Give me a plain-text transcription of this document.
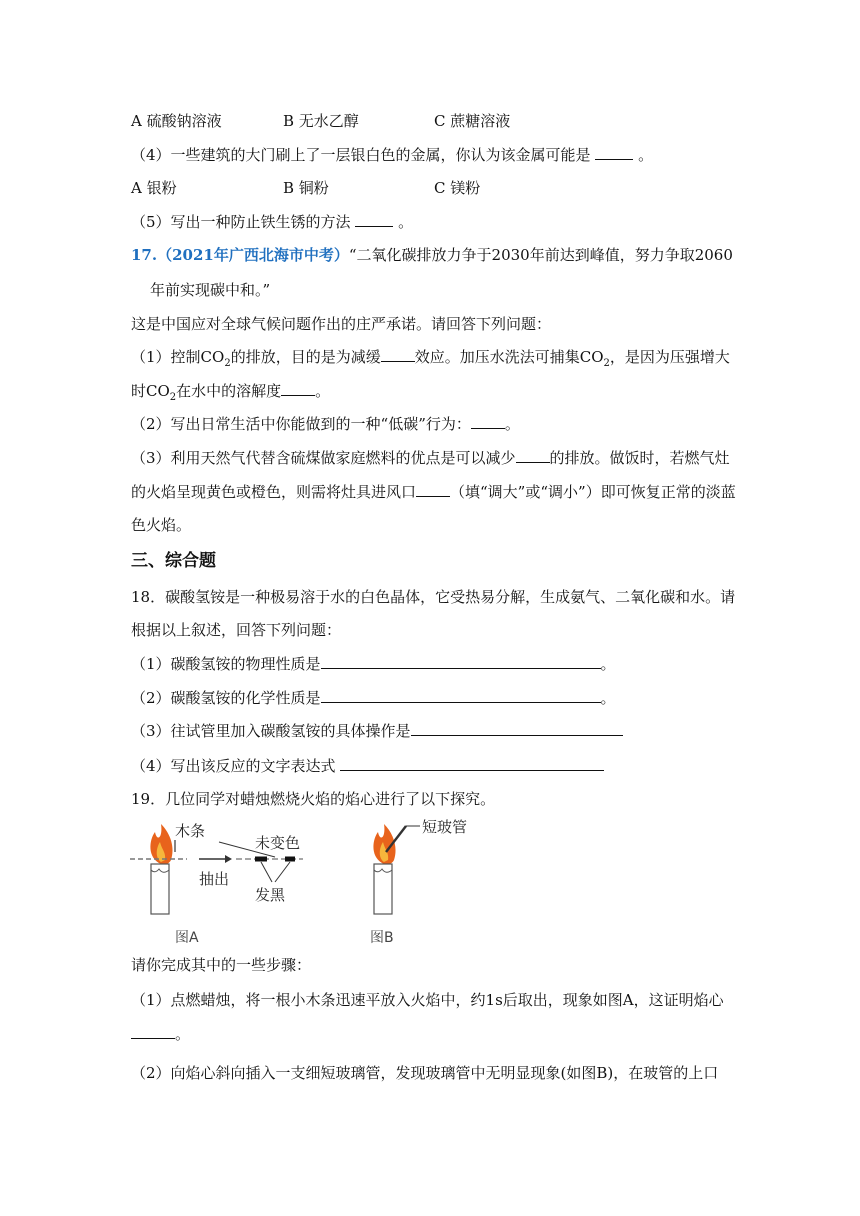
A 硫酸钠溶液	B 无水乙醇	C 蔗糖溶液
（4）一些建筑的大门刷上了一层银白色的金属，你认为该金属可能是	。
A 银粉	B 铜粉	C 镁粉
（5）写出一种防止铁生锈的方法	。
17.（2021年广西北海市中考）“二氧化碳排放力争于2030年前达到峰值，努力争取2060
年前实现碳中和。”
这是中国应对全球气候问题作出的庄严承诺。请回答下列问题：
（1）控制$CO_2$的排放，目的是为减缓 效应。加压水洗法可捕集$CO_2$，是因为压强增大
时$CO_2$在水中的溶解度 。
（2）写出日常生活中你能做到的一种“低碳”行为： 。
（3）利用天然气代替含硫煤做家庭燃料的优点是可以减少 的排放。做饭时，若燃气灶
的火焰呈现黄色或橙色，则需将灶具进风口 （填“调大”或“调小”）即可恢复正常的淡蓝
色火焰。
三、综合题
18．碳酸氢铵是一种极易溶于水的白色晶体，它受热易分解，生成氨气、二氧化碳和水。请
根据以上叙述，回答下列问题：
（1）碳酸氢铵的物理性质是	。
（2）碳酸氢铵的化学性质是	。
（3）往试管里加入碳酸氢铵的具体操作是
（4）写出该反应的文字表达式
19．几位同学对蜡烛燃烧火焰的焰心进行了以下探究。
木条
抽出
未变色
发黑
图A
短玻管
图B
请你完成其中的一些步骤：
（1）点燃蜡烛，将一根小木条迅速平放入火焰中，约1s后取出，现象如图A，这证明焰心
。
（2）向焰心斜向插入一支细短玻璃管，发现玻璃管中无明显现象(如图B)，在玻管的上口
